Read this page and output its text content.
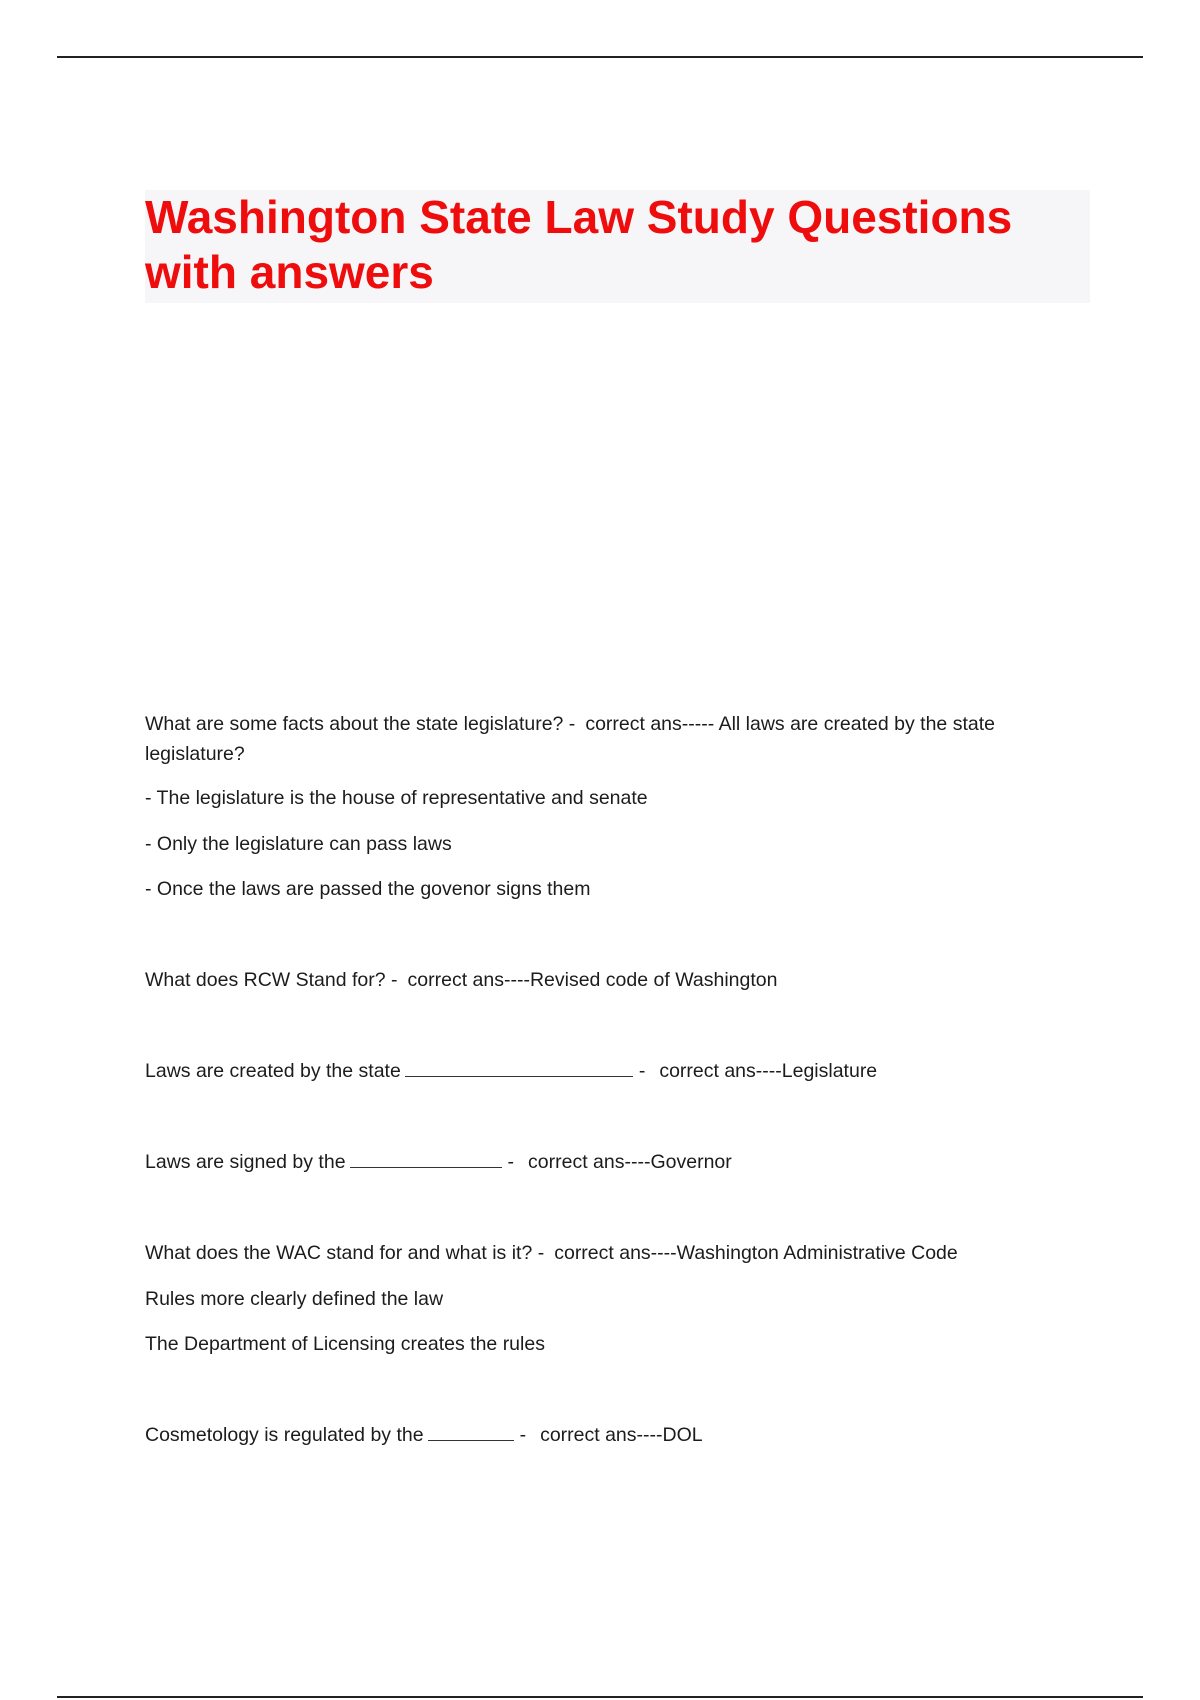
Washington State Law Study Questions with answers

What are some facts about the state legislature? - correct ans----- All laws are created by the state legislature?

- The legislature is the house of representative and senate

- Only the legislature can pass laws

- Once the laws are passed the govenor signs them

What does RCW Stand for? - correct ans----Revised code of Washington

Laws are created by the state	- correct ans----Legislature

Laws are signed by the	- correct ans----Governor

What does the WAC stand for and what is it? - correct ans----Washington Administrative Code

Rules more clearly defined the law

The Department of Licensing creates the rules

Cosmetology is regulated by the	- correct ans----DOL
